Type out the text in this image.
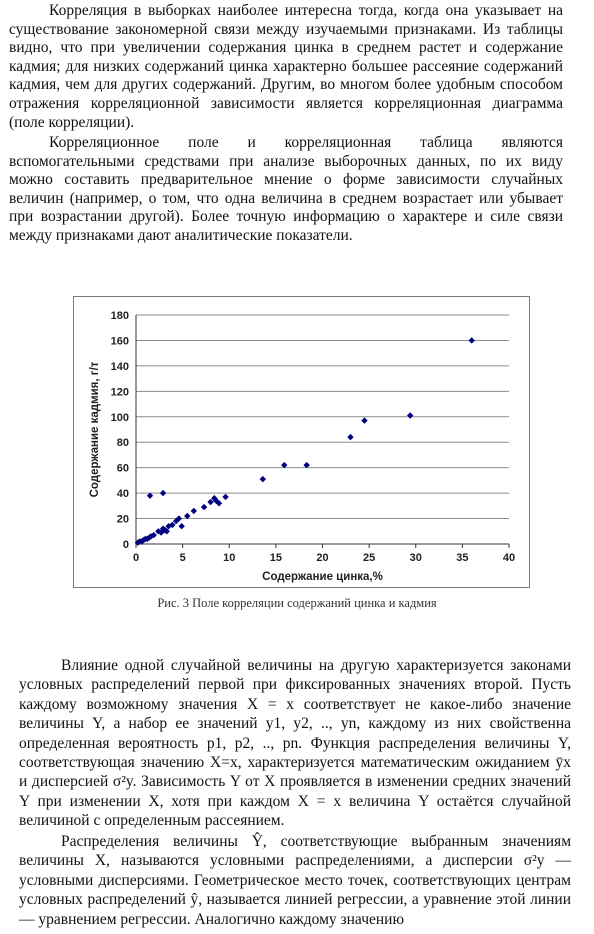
Корреляция в выборках наиболее интересна тогда, когда она указывает на существование закономерной связи между изучаемыми признаками. Из таблицы видно, что при увеличении содержания цинка в среднем растет и содержание кадмия; для низких содержаний цинка характерно большее рассеяние содержаний кадмия, чем для других содержаний. Другим, во многом более удобным способом отражения корреляционной зависимости является корреляционная диаграмма (поле корреляции).

Корреляционное поле и корреляционная таблица являются вспомогательными средствами при анализе выборочных данных, по их виду можно составить предварительное мнение о форме зависимости случайных величин (например, о том, что одна величина в среднем возрастает или убывает при возрастании другой). Более точную информацию о характере и силе связи между признаками дают аналитические показатели.

0
20
40
60
80
100
120
140
160
180
0	5	10	15	20	25	30	35	40
Содержание цинка,%
Содержание кадмия, г/т
Рис. 3 Поле корреляции содержаний цинка и кадмия

Влияние одной случайной величины на другую характеризуется законами условных распределений первой при фиксированных значениях второй. Пусть каждому возможному значения X = x соответствует не какое-либо значение величины Y, а набор ее значений y1, y2, .., yn, каждому из них свойственна определенная вероятность p1, p2, .., pn. Функция распределения величины Y, соответствующая значению X=x, характеризуется математическим ожиданием ȳx и дисперсией σ²y. Зависимость Y от X проявляется в изменении средних значений Y при изменении X, хотя при каждом X = x величина Y остаётся случайной величиной с определенным рассеянием.

Распределения величины Ŷ, соответствующие выбранным значениям величины X, называются условными распределениями, а дисперсии σ²y — условными дисперсиями. Геометрическое место точек, соответствующих центрам условных распределений ŷ, называется линией регрессии, а уравнение этой линии — уравнением регрессии. Аналогично каждому значению
